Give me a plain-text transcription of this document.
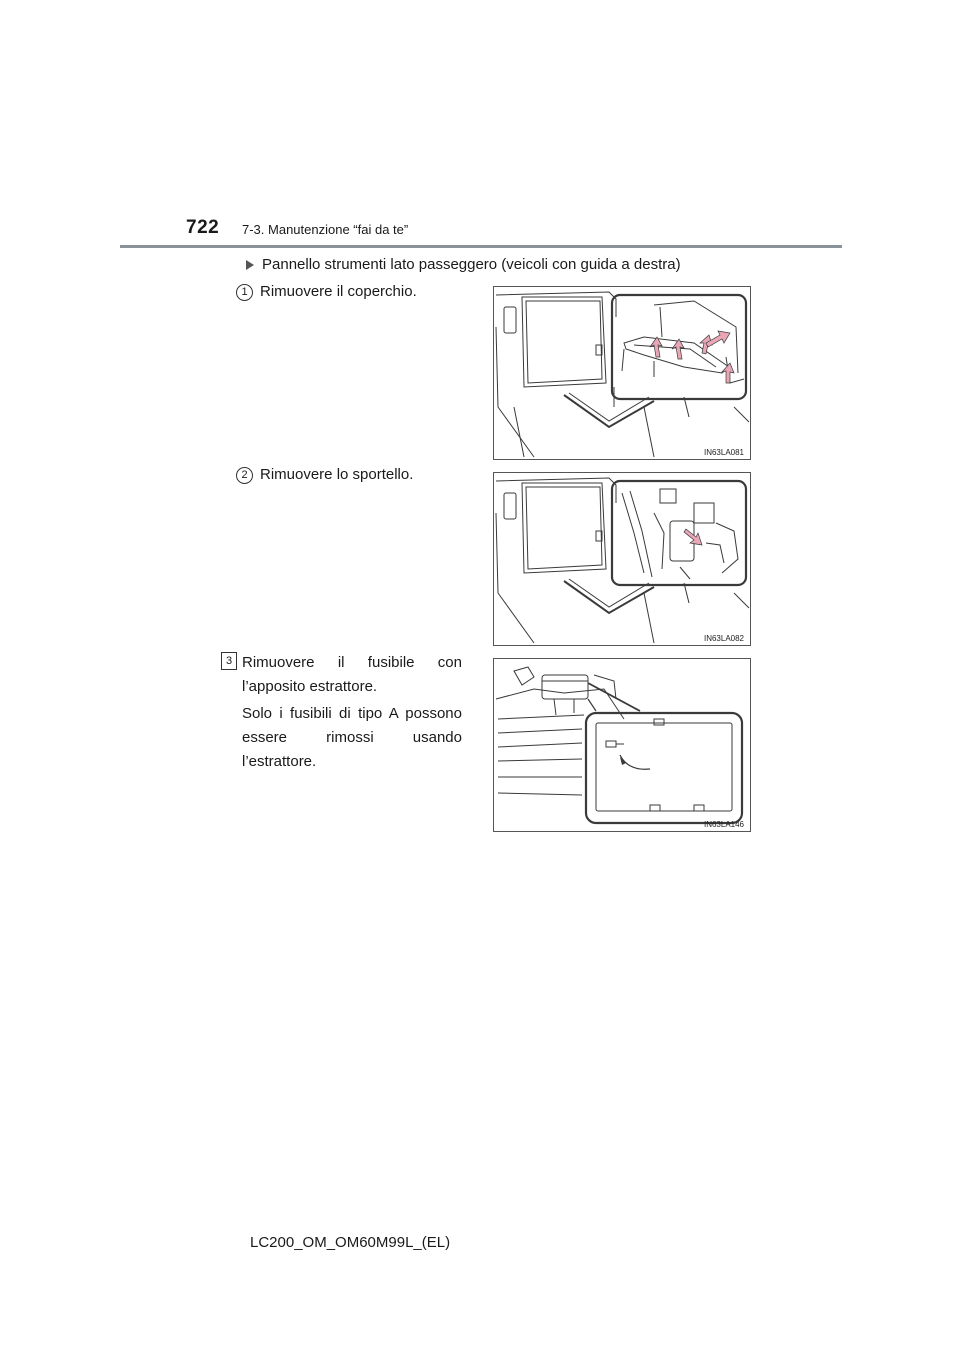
722 7-3. Manutenzione “fai da te”
Pannello strumenti lato passeggero (veicoli con guida a destra)
1 Rimuovere il coperchio.
IN63LA081
2 Rimuovere lo sportello.
IN63LA082
3 Rimuovere il fusibile con l’apposito estrattore.
Solo i fusibili di tipo A possono essere rimossi usando l’estrattore.
IN63LA146
LC200_OM_OM60M99L_(EL)
